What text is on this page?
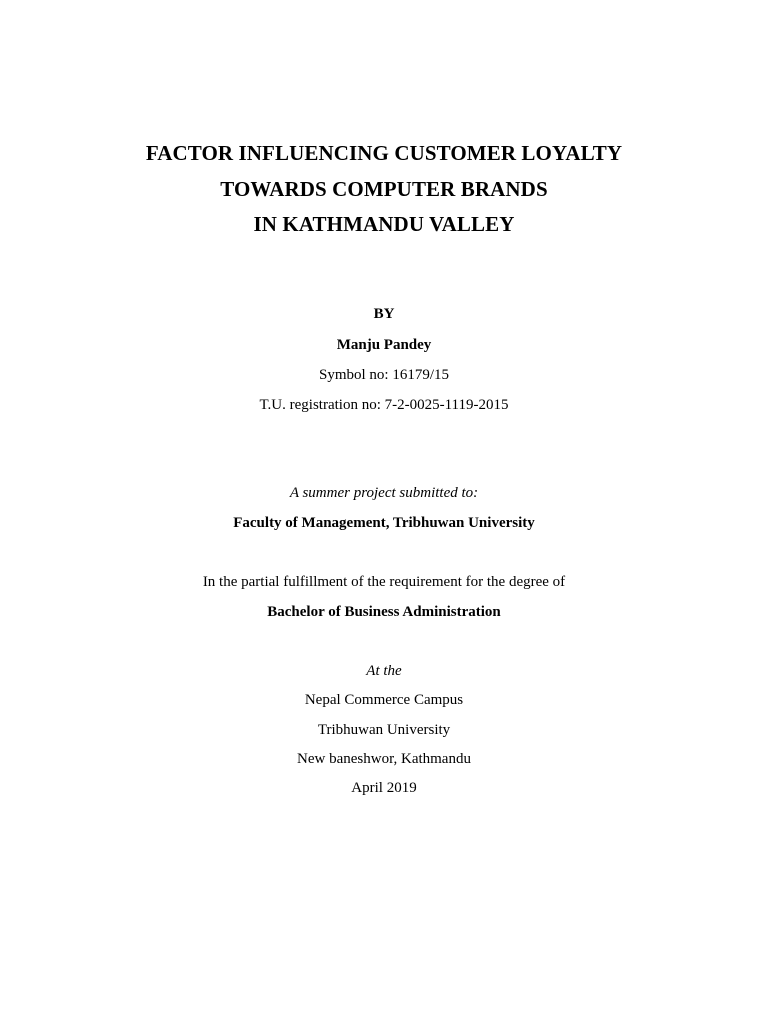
FACTOR INFLUENCING CUSTOMER LOYALTY
TOWARDS COMPUTER BRANDS
IN KATHMANDU VALLEY
BY
Manju Pandey
Symbol no: 16179/15
T.U. registration no: 7-2-0025-1119-2015
A summer project submitted to:
Faculty of Management, Tribhuwan University
In the partial fulfillment of the requirement for the degree of
Bachelor of Business Administration
At the
Nepal Commerce Campus
Tribhuwan University
New baneshwor, Kathmandu
April 2019
